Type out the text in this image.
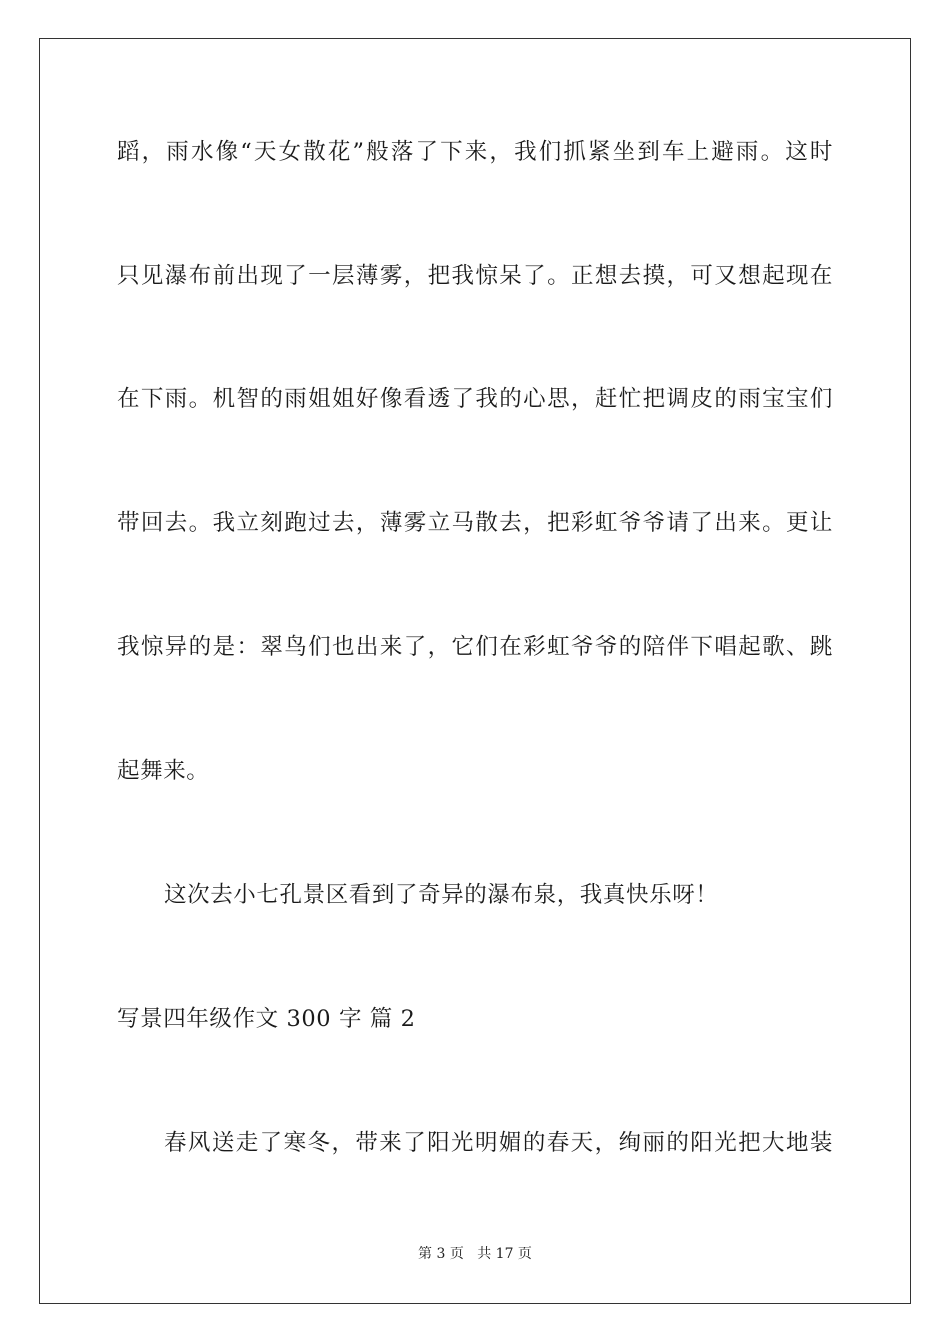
蹈，雨水像“天女散花”般落了下来，我们抓紧坐到车上避雨。这时
只见瀑布前出现了一层薄雾，把我惊呆了。正想去摸，可又想起现在
在下雨。机智的雨姐姐好像看透了我的心思，赶忙把调皮的雨宝宝们
带回去。我立刻跑过去，薄雾立马散去，把彩虹爷爷请了出来。更让
我惊异的是：翠鸟们也出来了，它们在彩虹爷爷的陪伴下唱起歌、跳
起舞来。
这次去小七孔景区看到了奇异的瀑布泉，我真快乐呀！
写景四年级作文 300 字 篇 2
春风送走了寒冬，带来了阳光明媚的春天，绚丽的阳光把大地装
第 3 页 共 17 页
